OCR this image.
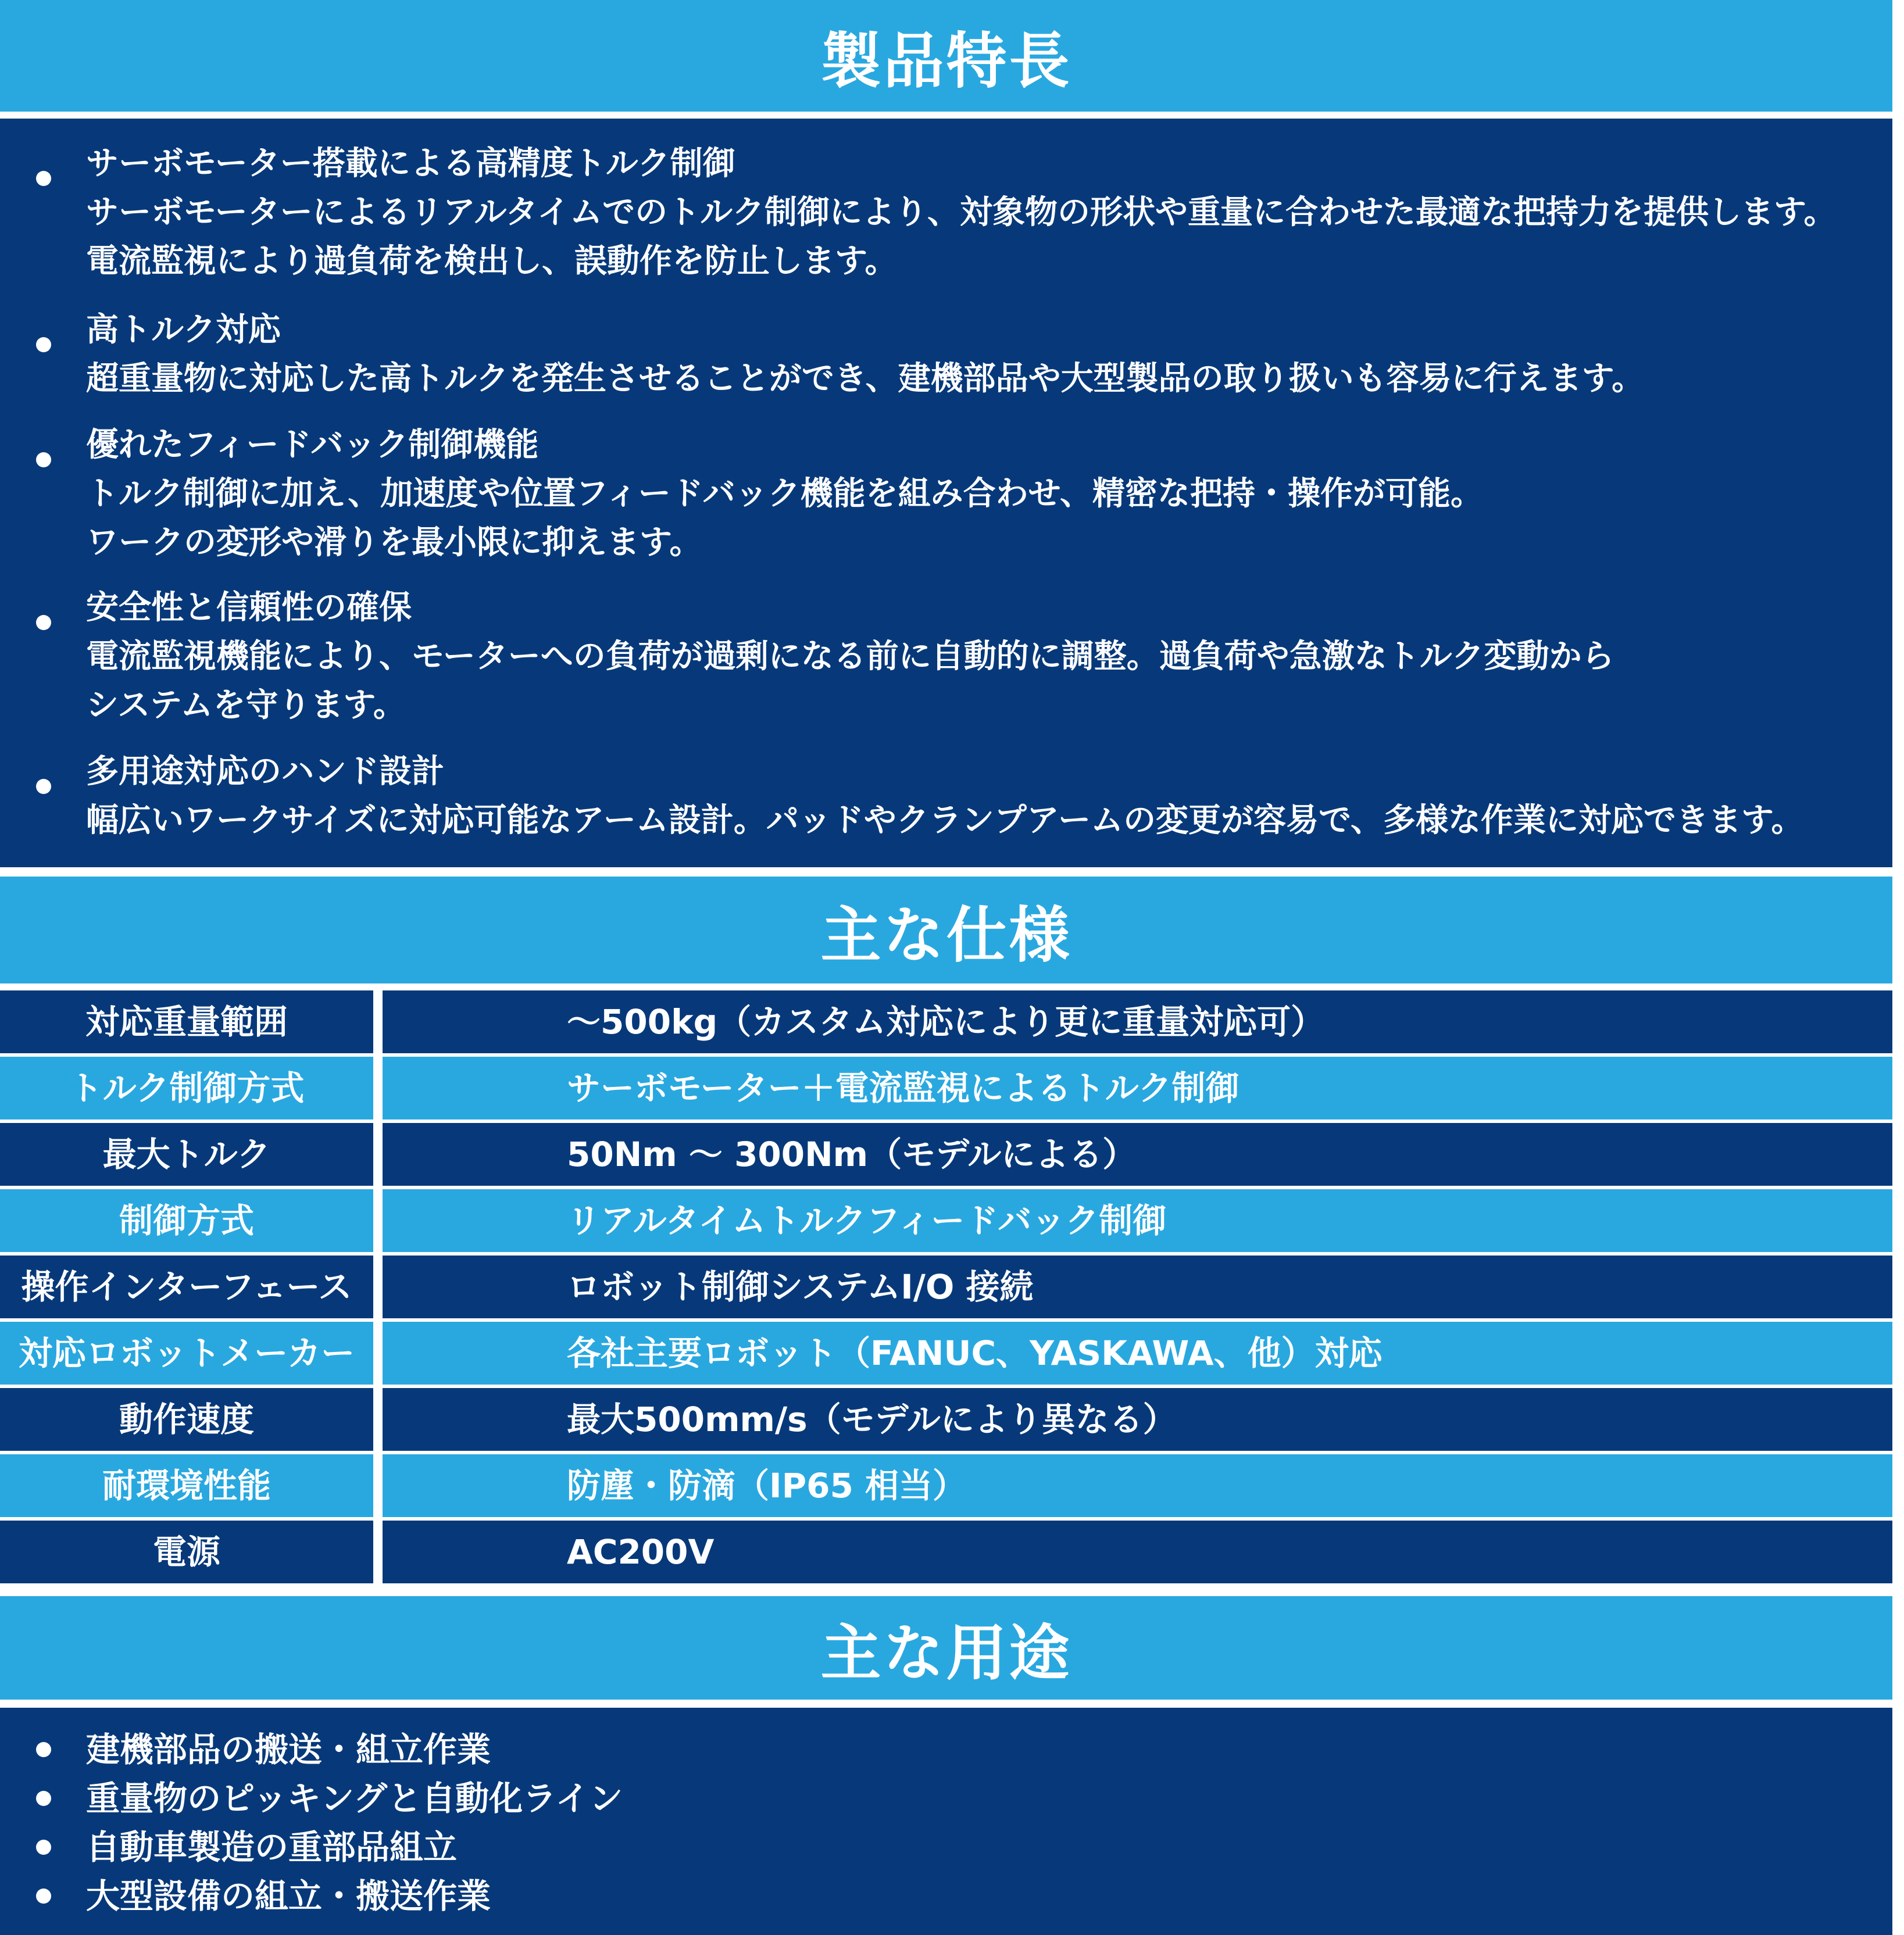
製品特長

サーボモーター搭載による高精度トルク制御

サーボモーターによるリアルタイムでのトルク制御により、対象物の形状や重量に合わせた最適な把持力を提供します。
電流監視により過負荷を検出し、誤動作を防止します。

高トルク対応

超重量物に対応した高トルクを発生させることができ、建機部品や大型製品の取り扱いも容易に行えます。

優れたフィードバック制御機能

トルク制御に加え、加速度や位置フィードバック機能を組み合わせ、精密な把持・操作が可能。
ワークの変形や滑りを最小限に抑えます。

安全性と信頼性の確保

電流監視機能により、モーターへの負荷が過剰になる前に自動的に調整。過負荷や急激なトルク変動から
システムを守ります。

多用途対応のハンド設計

幅広いワークサイズに対応可能なアーム設計。パッドやクランプアームの変更が容易で、多様な作業に対応できます。

主な仕様
対応重量範囲	〜500kg（カスタム対応により更に重量対応可）
トルク制御方式	サーボモーター＋電流監視によるトルク制御
最大トルク	50Nm 〜 300Nm（モデルによる）
制御方式	リアルタイムトルクフィードバック制御
操作インターフェース	ロボット制御システムI/O 接続
対応ロボットメーカー	各社主要ロボット（FANUC、YASKAWA、他）対応
動作速度	最大500mm/s（モデルにより異なる）
耐環境性能	防塵・防滴（IP65 相当）
電源	AC200V
主な用途
建機部品の搬送・組立作業
重量物のピッキングと自動化ライン
自動車製造の重部品組立
大型設備の組立・搬送作業
